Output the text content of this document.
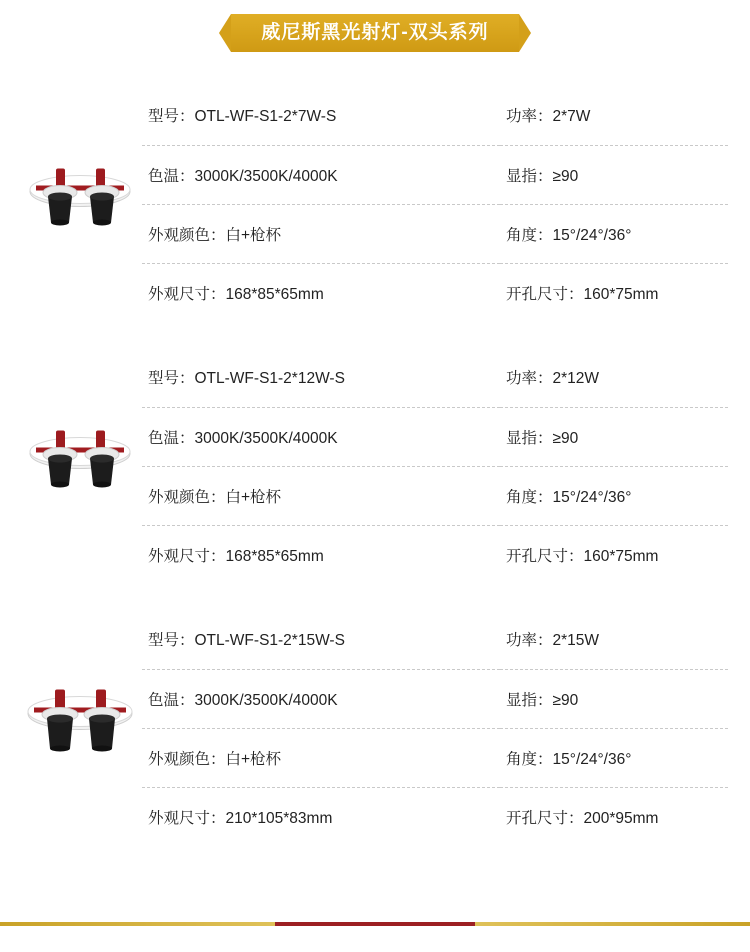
威尼斯黑光射灯-双头系列
型号：OTL-WF-S1-2*7W-S	功率：2*7W
色温：3000K/3500K/4000K	显指：≥90
外观颜色：白+枪杯	角度：15°/24°/36°
外观尺寸：168*85*65mm	开孔尺寸：160*75mm
型号：OTL-WF-S1-2*12W-S	功率：2*12W
色温：3000K/3500K/4000K	显指：≥90
外观颜色：白+枪杯	角度：15°/24°/36°
外观尺寸：168*85*65mm	开孔尺寸：160*75mm
型号：OTL-WF-S1-2*15W-S	功率：2*15W
色温：3000K/3500K/4000K	显指：≥90
外观颜色：白+枪杯	角度：15°/24°/36°
外观尺寸：210*105*83mm	开孔尺寸：200*95mm
